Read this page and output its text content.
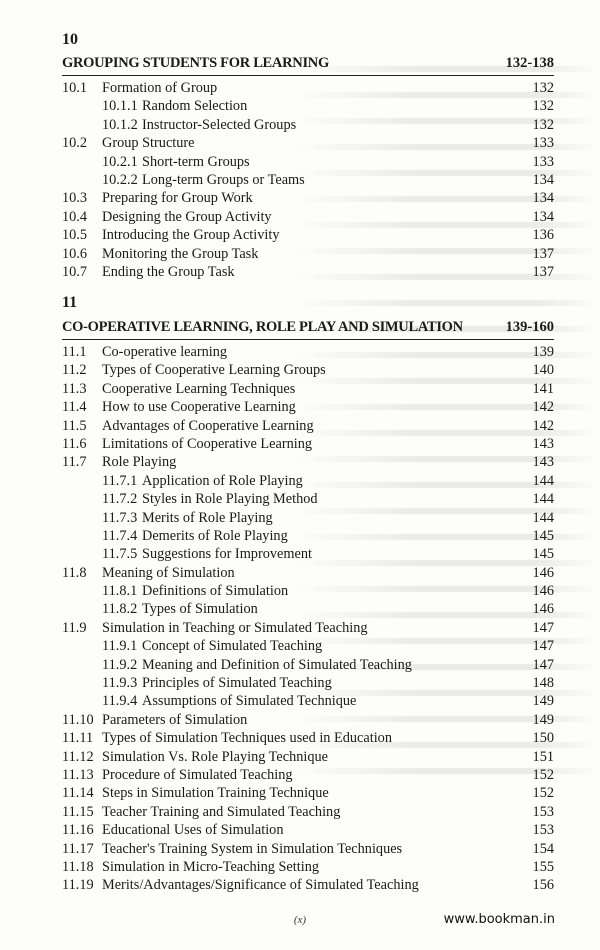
10
GROUPING STUDENTS FOR LEARNING	132-138
10.1	Formation of Group	132
10.1.1 Random Selection	132
10.1.2 Instructor-Selected Groups	132
10.2	Group Structure	133
10.2.1 Short-term Groups	133
10.2.2 Long-term Groups or Teams	134
10.3	Preparing for Group Work	134
10.4	Designing the Group Activity	134
10.5	Introducing the Group Activity	136
10.6	Monitoring the Group Task	137
10.7	Ending the Group Task	137
11
CO-OPERATIVE LEARNING, ROLE PLAY AND SIMULATION	139-160
11.1	Co-operative learning	139
11.2	Types of Cooperative Learning Groups	140
11.3	Cooperative Learning Techniques	141
11.4	How to use Cooperative Learning	142
11.5	Advantages of Cooperative Learning	142
11.6	Limitations of Cooperative Learning	143
11.7	Role Playing	143
11.7.1 Application of Role Playing	144
11.7.2 Styles in Role Playing Method	144
11.7.3 Merits of Role Playing	144
11.7.4 Demerits of Role Playing	145
11.7.5 Suggestions for Improvement	145
11.8	Meaning of Simulation	146
11.8.1 Definitions of Simulation	146
11.8.2 Types of Simulation	146
11.9	Simulation in Teaching or Simulated Teaching	147
11.9.1 Concept of Simulated Teaching	147
11.9.2 Meaning and Definition of Simulated Teaching	147
11.9.3 Principles of Simulated Teaching	148
11.9.4 Assumptions of Simulated Technique	149
11.10 Parameters of Simulation	149
11.11 Types of Simulation Techniques used in Education	150
11.12 Simulation Vs. Role Playing Technique	151
11.13 Procedure of Simulated Teaching	152
11.14 Steps in Simulation Training Technique	152
11.15 Teacher Training and Simulated Teaching	153
11.16 Educational Uses of Simulation	153
11.17 Teacher's Training System in Simulation Techniques	154
11.18 Simulation in Micro-Teaching Setting	155
11.19 Merits/Advantages/Significance of Simulated Teaching	156
(x)	www.bookman.in
